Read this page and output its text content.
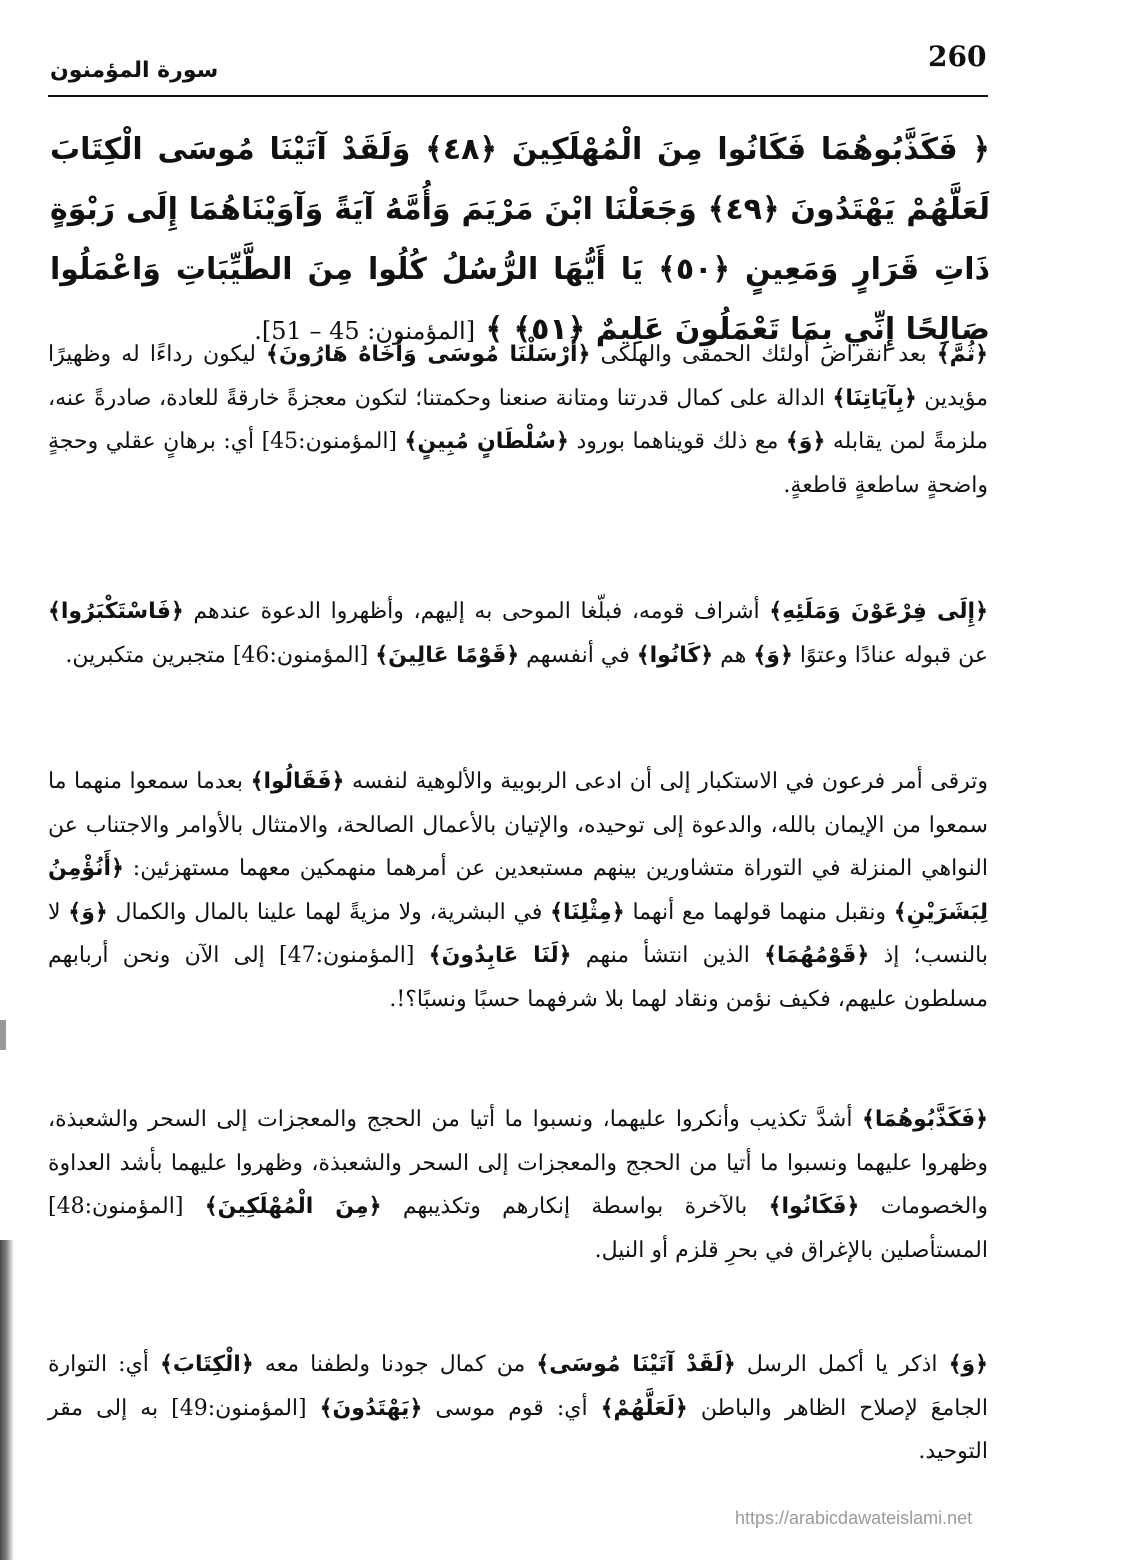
260
سورة المؤمنون
﴿ فَكَذَّبُوهُمَا فَكَانُوا مِنَ الْمُهْلَكِينَ ﴿٤٨﴾ وَلَقَدْ آتَيْنَا مُوسَى الْكِتَابَ لَعَلَّهُمْ يَهْتَدُونَ ﴿٤٩﴾ وَجَعَلْنَا ابْنَ مَرْيَمَ وَأُمَّهُ آيَةً وَآوَيْنَاهُمَا إِلَى رَبْوَةٍ ذَاتِ قَرَارٍ وَمَعِينٍ ﴿٥٠﴾ يَا أَيُّهَا الرُّسُلُ كُلُوا مِنَ الطَّيِّبَاتِ وَاعْمَلُوا صَالِحًا إِنِّي بِمَا تَعْمَلُونَ عَلِيمٌ ﴿٥١﴾ ﴾ [المؤمنون: 45 – 51].
﴿ثُمَّ﴾ بعد انقراض أولئك الحمقى والهلكى ﴿أَرْسَلْنَا مُوسَى وَأَخَاهُ هَارُونَ﴾ ليكون رداءًا له وظهيرًا مؤيدين ﴿بِآيَاتِنَا﴾ الدالة على كمال قدرتنا ومتانة صنعنا وحكمتنا؛ لتكون معجزةً خارقةً للعادة، صادرةً عنه، ملزمةً لمن يقابله ﴿وَ﴾ مع ذلك قويناهما بورود ﴿سُلْطَانٍ مُبِينٍ﴾ [المؤمنون:45] أي: برهانٍ عقلي وحجةٍ واضحةٍ ساطعةٍ قاطعةٍ.
﴿إِلَى فِرْعَوْنَ وَمَلَئِهِ﴾ أشراف قومه، فبلّغا الموحى به إليهم، وأظهروا الدعوة عندهم ﴿فَاسْتَكْبَرُوا﴾ عن قبوله عنادًا وعتوًا ﴿وَ﴾ هم ﴿كَانُوا﴾ في أنفسهم ﴿قَوْمًا عَالِينَ﴾ [المؤمنون:46] متجبرين متكبرين.
وترقى أمر فرعون في الاستكبار إلى أن ادعى الربوبية والألوهية لنفسه ﴿فَقَالُوا﴾ بعدما سمعوا منهما ما سمعوا من الإيمان بالله، والدعوة إلى توحيده، والإتيان بالأعمال الصالحة، والامتثال بالأوامر والاجتناب عن النواهي المنزلة في التوراة متشاورين بينهم مستبعدين عن أمرهما منهمكين معهما مستهزئين: ﴿أَنُؤْمِنُ لِبَشَرَيْنِ﴾ ونقبل منهما قولهما مع أنهما ﴿مِثْلِنَا﴾ في البشرية، ولا مزيةً لهما علينا بالمال والكمال ﴿وَ﴾ لا بالنسب؛ إذ ﴿قَوْمُهُمَا﴾ الذين انتشأ منهم ﴿لَنَا عَابِدُونَ﴾ [المؤمنون:47] إلى الآن ونحن أربابهم مسلطون عليهم، فكيف نؤمن ونقاد لهما بلا شرفهما حسبًا ونسبًا؟!.
﴿فَكَذَّبُوهُمَا﴾ أشدَّ تكذيب وأنكروا عليهما، ونسبوا ما أتيا من الحجج والمعجزات إلى السحر والشعبذة، وظهروا عليهما ونسبوا ما أتيا من الحجج والمعجزات إلى السحر والشعبذة، وظهروا عليهما بأشد العداوة والخصومات ﴿فَكَانُوا﴾ بالآخرة بواسطة إنكارهم وتكذيبهم ﴿مِنَ الْمُهْلَكِينَ﴾ [المؤمنون:48] المستأصلين بالإغراق في بحرِ قلزم أو النيل.
﴿وَ﴾ اذكر يا أكمل الرسل ﴿لَقَدْ آتَيْنَا مُوسَى﴾ من كمال جودنا ولطفنا معه ﴿الْكِتَابَ﴾ أي: التوارة الجامعَ لإصلاح الظاهر والباطن ﴿لَعَلَّهُمْ﴾ أي: قوم موسى ﴿يَهْتَدُونَ﴾ [المؤمنون:49] به إلى مقر التوحيد.
https://arabicdawateislami.net
